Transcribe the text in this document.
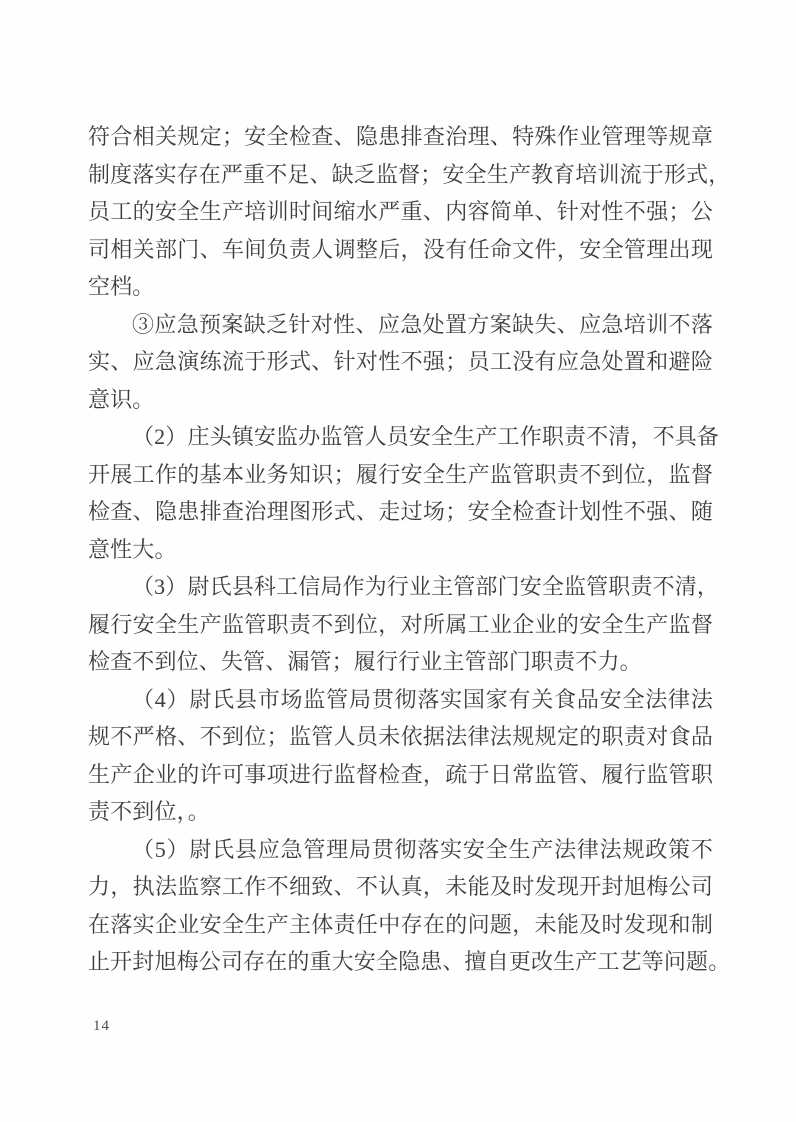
符合相关规定；安全检查、隐患排查治理、特殊作业管理等规章
制度落实存在严重不足、缺乏监督；安全生产教育培训流于形式，
员工的安全生产培训时间缩水严重、内容简单、针对性不强；公
司相关部门、车间负责人调整后，没有任命文件，安全管理出现
空档。
③应急预案缺乏针对性、应急处置方案缺失、应急培训不落
实、应急演练流于形式、针对性不强；员工没有应急处置和避险
意识。
（2）庄头镇安监办监管人员安全生产工作职责不清，不具备
开展工作的基本业务知识；履行安全生产监管职责不到位，监督
检查、隐患排查治理图形式、走过场；安全检查计划性不强、随
意性大。
（3）尉氏县科工信局作为行业主管部门安全监管职责不清，
履行安全生产监管职责不到位，对所属工业企业的安全生产监督
检查不到位、失管、漏管；履行行业主管部门职责不力。
（4）尉氏县市场监管局贯彻落实国家有关食品安全法律法
规不严格、不到位；监管人员未依据法律法规规定的职责对食品
生产企业的许可事项进行监督检查，疏于日常监管、履行监管职
责不到位，。
（5）尉氏县应急管理局贯彻落实安全生产法律法规政策不
力，执法监察工作不细致、不认真，未能及时发现开封旭梅公司
在落实企业安全生产主体责任中存在的问题，未能及时发现和制
止开封旭梅公司存在的重大安全隐患、擅自更改生产工艺等问题。
14
